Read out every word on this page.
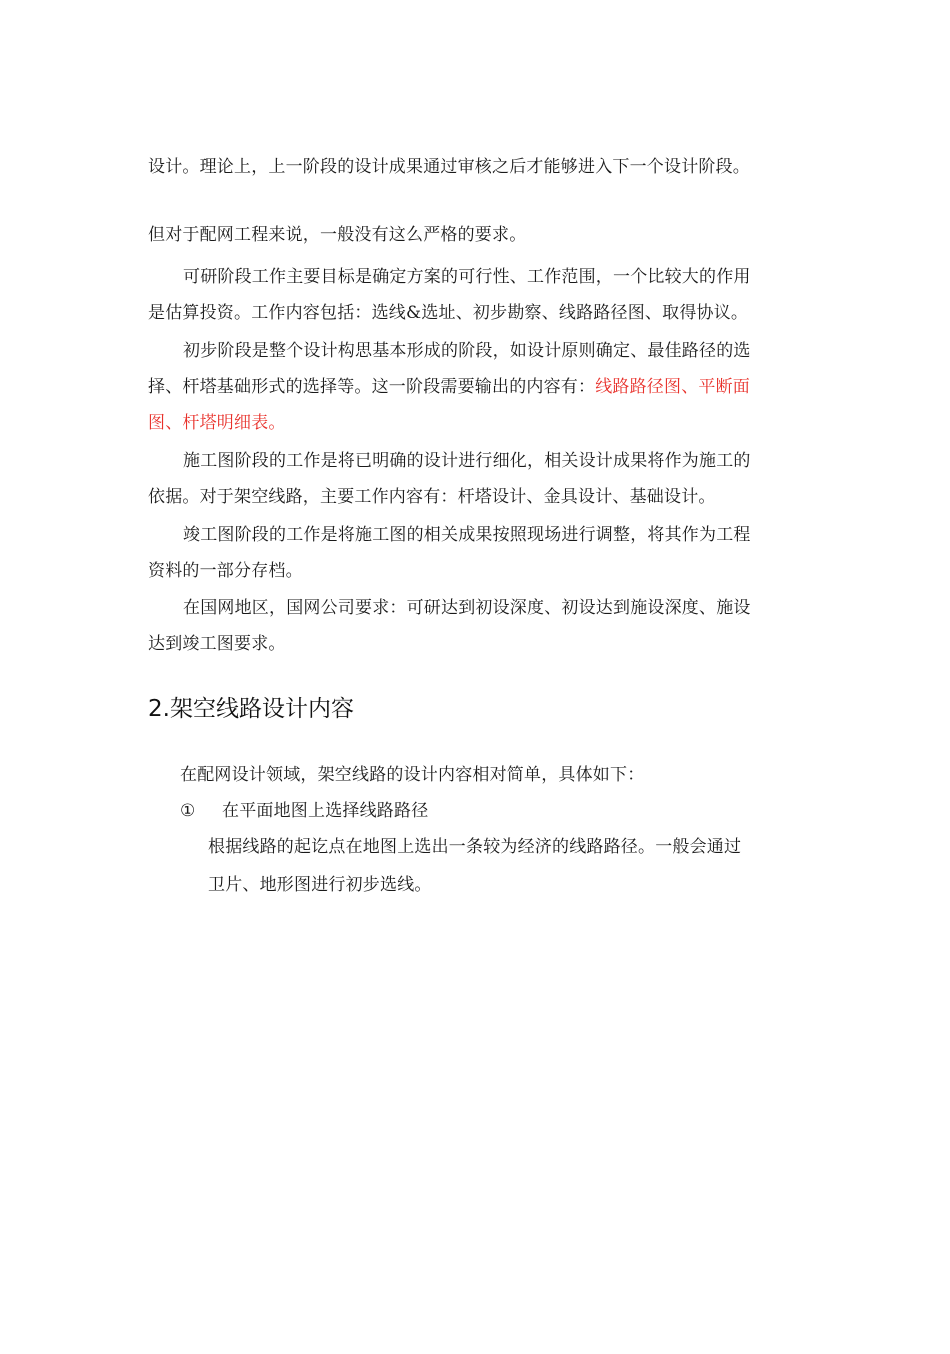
设计。理论上，上一阶段的设计成果通过审核之后才能够进入下一个设计阶段。
但对于配网工程来说，一般没有这么严格的要求。
可研阶段工作主要目标是确定方案的可行性、工作范围，一个比较大的作用
是估算投资。工作内容包括：选线&选址、初步勘察、线路路径图、取得协议。
初步阶段是整个设计构思基本形成的阶段，如设计原则确定、最佳路径的选
择、杆塔基础形式的选择等。这一阶段需要输出的内容有：线路路径图、平断面
图、杆塔明细表。
施工图阶段的工作是将已明确的设计进行细化，相关设计成果将作为施工的
依据。对于架空线路，主要工作内容有：杆塔设计、金具设计、基础设计。
竣工图阶段的工作是将施工图的相关成果按照现场进行调整，将其作为工程
资料的一部分存档。
在国网地区，国网公司要求：可研达到初设深度、初设达到施设深度、施设
达到竣工图要求。
2.架空线路设计内容
在配网设计领域，架空线路的设计内容相对简单，具体如下：
① 在平面地图上选择线路路径
根据线路的起讫点在地图上选出一条较为经济的线路路径。一般会通过
卫片、地形图进行初步选线。
